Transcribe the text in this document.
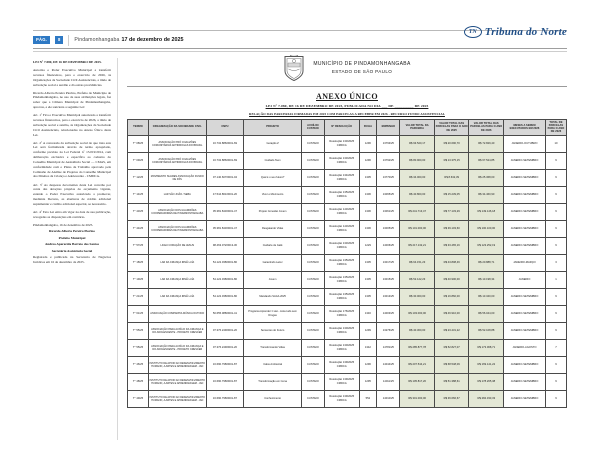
PÁG.	8	Pindamonhangaba 17 de dezembro de 2025
TN Tribuna do Norte

LEI Nº 7.080, DE 16 DE DEZEMBRO DE 2025.

Autoriza o Poder Executivo Municipal a transferir recursos financeiros, para o exercício de 2026, às Organizações da Sociedade Civil Assistenciais, a título de subvenção social e auxílio e dá outras providências.

Ricardo Alberto Pereira Piorino, Prefeito do Município de Pindamonhangaba, no uso de suas atribuições legais, faz saber que a Câmara Municipal de Pindamonhangaba, aprovou, e ele sanciona a seguinte Lei:

Art. 1º Fica o Executivo Municipal autorizado a transferir recursos financeiros, para o exercício de 2026, a título de subvenção social e auxílio, às Organizações da Sociedade Civil Assistenciais, relacionadas no Anexo Único desta Lei.

Art. 2º A concessão da subvenção social de que trata esta Lei será formalizada através de termo apropriado, conforme previsto na Lei Federal nº 13.019/2014, com deliberação exclusiva e específica ao cadastro do Conselho Municipal de Assistência Social — CMAS, em conformidade com o Plano de Trabalho aprovado pela Comissão de Análise de Projetos do Conselho Municipal dos Direitos da Criança e Adolescente - CMDCA.

Art. 3º As despesas decorrentes desta Lei correrão por conta das dotações próprias do orçamento vigente, estando o Poder Executivo autorizado a promover, mediante Decreto, as aberturas de crédito adicional suplementar e crédito adicional especial, se necessário.

Art. 4º Esta Lei entra em vigor na data de sua publicação, revogadas as disposições em contrário.

Pindamonhangaba, 16 de dezembro de 2025.

Ricardo Alberto Pereira Piorino

Prefeito Municipal

Andrea Aparecida Barreto dos Santos

Secretária Assistência Social

Registrada e publicada na Secretaria de Negócios Jurídicos em 16 de dezembro de 2025.

MUNICÍPIO DE PINDAMONHANGABA
ESTADO DE SÃO PAULO
ANEXO ÚNICO
LEI Nº 7.080, DE 16 DE DEZEMBRO DE 2025, PUBLICADA NO DIA ___ DE __________ DE 2025
RELAÇÃO DAS PARCERIAS FIRMADAS EM 2025 COM PARCELAS A RECEBER EM 2026 - RECURSO FUNDO ASSISTENCIAL
TERMO	ORGANIZAÇÃO DA SOCIEDADE CIVIL	CNPJ	PROJETO	AUXÍLIO/ CUSTEIO	Nº RESOLUÇÃO	FICHA	EMPENHO	VALOR TOTAL DA PARCERIA	VALOR TOTAL DAS PARCELAS PARA O ANO DE 2025	VALOR TOTAL DAS PARCELAS PARA O ANO DE 2026	MESES A SEREM EXECUTADOS EM 2026	TOTAL DE PARCELAS PARA O ANO DE 2026
T° 08/25	ASSOCIAÇÃO PRÓ COALIZÕES COMUNITÁRIAS ANTIDROGAS DO BRASIL	16.732.886/0001-69	Geração Z	CUSTEIO	Resolução 133/2025 CMDCA	1296	13793/25	R$ 93.520,17	R$ 20.690,70	R$ 72.829,40	JANEIRO-OUTUBRO	10
T° 09/25	ASSOCIAÇÃO PRÓ COALIZÕES COMUNITÁRIAS ANTIDROGAS DO BRASIL	16.732.886/0001-69	Cuidado Teen	CUSTEIO	Resolução 133/2025 CMDCA	1296	13792/25	R$ 80.900,00	R$ 13.375,15	R$ 67.524,85	JANEIRO-SETEMBRO	9
T° 12/25	MOVIMENTO SUARES ASSOCIAÇÃO FUNDO DE PÁS	07.140.607/0001-04	Qual é o seu futuro?	CUSTEIO	Resolução 134/2025 CMDCA	1305	13770/25	R$ 34.000,00	R$ 8.632,39	R$ 25.368,00	JANEIRO-SETEMBRO	9
T° 14/25	LAR SÃO JOÃO / SEBA	47.544.861/0001-20	Viver e Movimento	CUSTEIO	Resolução 135/2025 CMDCA	1306	13065/25	R$ 40.800,00	R$ 15.239,05	R$ 34.460,90	JANEIRO-SETEMBRO	9
T° 43/25	ASSOCIAÇÃO DOS GUARDIÕES COOPERADORES DE PINDAMONHANGABA	05.381.843/0001-47	Projeto Conexão Jovem	CUSTEIO	Resolução 143/2025 CMDCA	1306	13061/25	R$ 241.713,47	R$ 77.133,29	R$ 149.146,18	JANEIRO-SETEMBRO	9
T° 44/25	ASSOCIAÇÃO DOS GUARDIÕES COOPERADORES DE PINDAMONHANGABA	05.381.843/0001-47	Resgatando Vidas	CUSTEIO	Resolução 143/2025 CMDCA	1306	13005/25	R$ 101.000,00	R$ 39.103,60	R$ 100.100,00	JANEIRO-SETEMBRO	9
T° 57/25	LICEU CORAÇÃO DE JESUS	98.463.072/0013-30	Cuidarte de Galê	CUSTEIO	Resolução 133/2025 CMDCA	1229	14006/25	R$ 217.132,21	R$ 33.465,16	R$ 123.252,19	JANEIRO-SETEMBRO	9
T° 18/25	LAR DA CRIANÇA IRMÃ LUÍA	54.122.038/0001-80	Garantindo Lazer	CUSTEIO	Resolução 135/2025 CMDCA	1305	13017/25	R$ 64.151,23	R$ 43.808,46	R$ 20.888,71	JANEIRO-MARÇO	3
T° 19/25	LAR DA CRIANÇA IRMÃ LUÍA	54.122.038/0001-80	Jovem	CUSTEIO	Resolução 135/2025 CMDCA	1305	13015/25	R$ 52.122,23	R$ 40.900,00	R$ 13.198,34	JANEIRO	1
T° 21/25	LAR DA CRIANÇA IRMÃ LUÍA	54.122.038/0001-80	Mandando SAGA 2025	CUSTEIO	Resolução 135/2025 CMDCA	1305	13013/25	R$ 30.000,00	R$ 16.860,00	R$ 13.340,00	JANEIRO-SETEMBRO	9
T° 61/25	ASSOCIAÇÃO COMPANHIA MÚSICA OUTONO	50.655.088/0001-41	Programa Aprender C até - Lista tudo sem Drogas	CUSTEIO	Resolução 176/2025 CMDCA	1346	14003/25	R$ 103.000,00	R$ 46.910,00	R$ 56.044,00	JANEIRO-SETEMBRO	9
T° 55/25	ASSOCIAÇÃO PARA AUXÍLIO DA CRIANÇA E DO ADOLESCENTE - PROJETO CRESCER	07.376.249/0001-20	Sementes do Futuro	CUSTEIO	Resolução 130/2025 CMDCA	1299	13276/25	R$ 40.300,00	R$ 23.431,22	R$ 52.108,88	JANEIRO-SETEMBRO	9
T° 55/25	ASSOCIAÇÃO PARA AUXÍLIO DA CRIANÇA E DO ADOLESCENTE - PROJETO CRESCER	07.376.249/0001-20	Transformando Vidas	CUSTEIO	Resolução 130/2025 CMDCA	1342	14781/25	R$ 285.877,78	R$ 52.827,07	R$ 173.068,71	JANEIRO-AGOSTO	7
T° 46/25	INSTITUTO DE APOIO AO DESENVOLVIMENTO HUMANO, A ARTES E APRENDIZAGEM - IAD	16.690.798/0001-87	Calos Ambiental	CUSTEIO	Resolução 139/2025 CMDCA	1296	14044/25	R$ 207.544,21	R$ 68.548,09	R$ 169.141,22	JANEIRO-SETEMBRO	9
T° 48/25	INSTITUTO DE APOIO AO DESENVOLVIMENTO HUMANO, A ARTES E APRENDIZAGEM - IAD	16.690.798/0001-87	Transformação em Cena	CUSTEIO	Resolução 139/2025 CMDCA	1295	14011/25	R$ 105.817,20	R$ 51.388,61	R$ 178.265,38	JANEIRO-SETEMBRO	9
T° 49/25	INSTITUTO DE APOIO AO DESENVOLVIMENTO HUMANO, A ARTES E APRENDIZAGEM - IAD	16.690.798/0001-87	Conhecimento	CUSTEIO	Resolução 139/2025 CMDCA	552	14010/25	R$ 301.000,00	R$ 36.666,67	R$ 284.333,33	JANEIRO-SETEMBRO	9
